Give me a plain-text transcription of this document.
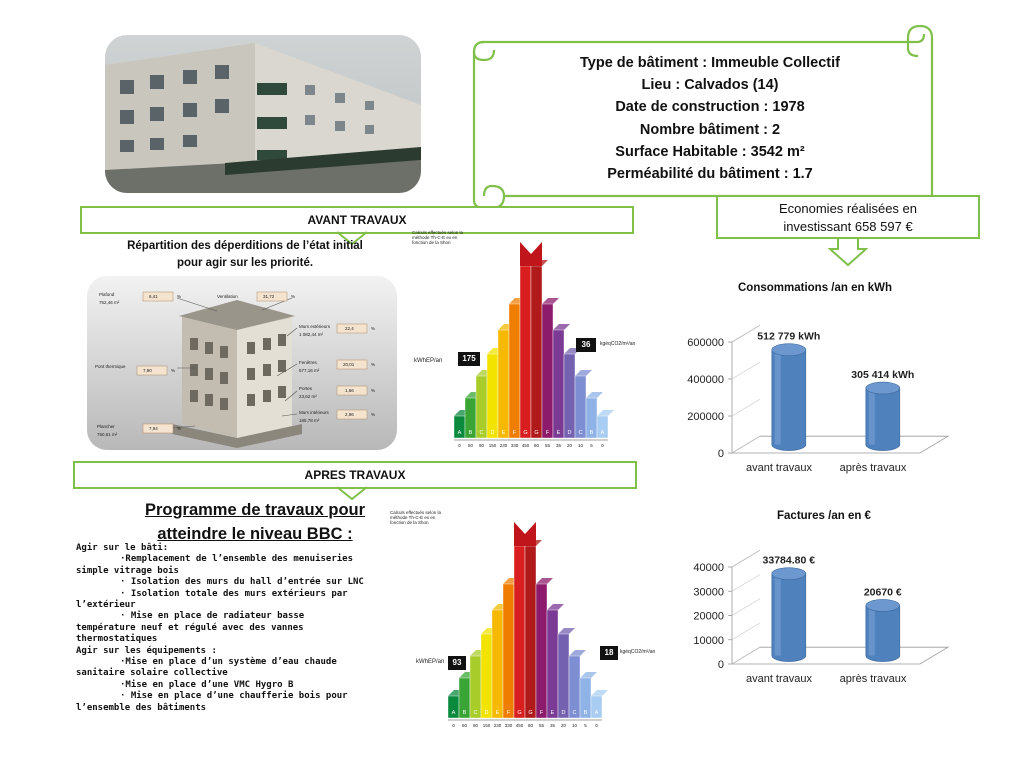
Type de bâtiment : Immeuble Collectif
Lieu : Calvados (14)
Date de construction : 1978
Nombre bâtiment : 2
Surface Habitable : 3542 m²
Perméabilité du bâtiment : 1.7
AVANT TRAVAUX
Répartition des déperditions de l’état initial
pour agir sur les priorité.
Plafond
752,46 m²
6,41	%	Ventilation	31,72	%
Murs extérieurs
1 082,44 m²
22,4	%
Pont thermique
7,90	%
Fenêtres
577,16 m²
20,01	%
Portes
23,62 m²
1,66	%
Murs intérieurs
185,78 m²
2,96	%
Plancher
750,61 m²
7,94	%
Calculs effectués selon la méthode Th-C-E ex en fonction de la Shon
A
0
B
50
C
90
D
150
E
230
F
330
G
450
G
80
F
55
E
35
D
20
C
10
B
5
A
0
kWhEP/an	175
36	kgéqCO2/m²/an
Economies réalisées en
investissant 658 597 €
Consommations /an en kWh
0
200000
400000
600000
512 779 kWh
avant travaux
305 414 kWh
après travaux
APRES TRAVAUX
Programme de travaux pour
atteindre le niveau BBC :
Agir sur le bâti:
·Remplacement de l’ensemble des menuiseries
simple vitrage bois
· Isolation des murs du hall d’entrée sur LNC
· Isolation totale des murs extérieurs par
l’extérieur
· Mise en place de radiateur basse
température neuf et régulé avec des vannes
thermostatiques
Agir sur les équipements :
·Mise en place d’un système d’eau chaude
sanitaire solaire collective
·Mise en place d’une VMC Hygro B
· Mise en place d’une chaufferie bois pour
l’ensemble des bâtiments
Calculs effectués selon la méthode Th-C-E ex en fonction de la Shon
A
0
B
50
C
90
D
150
E
230
F
330
G
450
G
80
F
55
E
35
D
20
C
10
B
5
A
0
kWhEP/an	93
18	kgéqCO2/m²/an
Factures /an en €
0
10000
20000
30000
40000
33784.80 €
avant travaux
20670 €
après travaux
